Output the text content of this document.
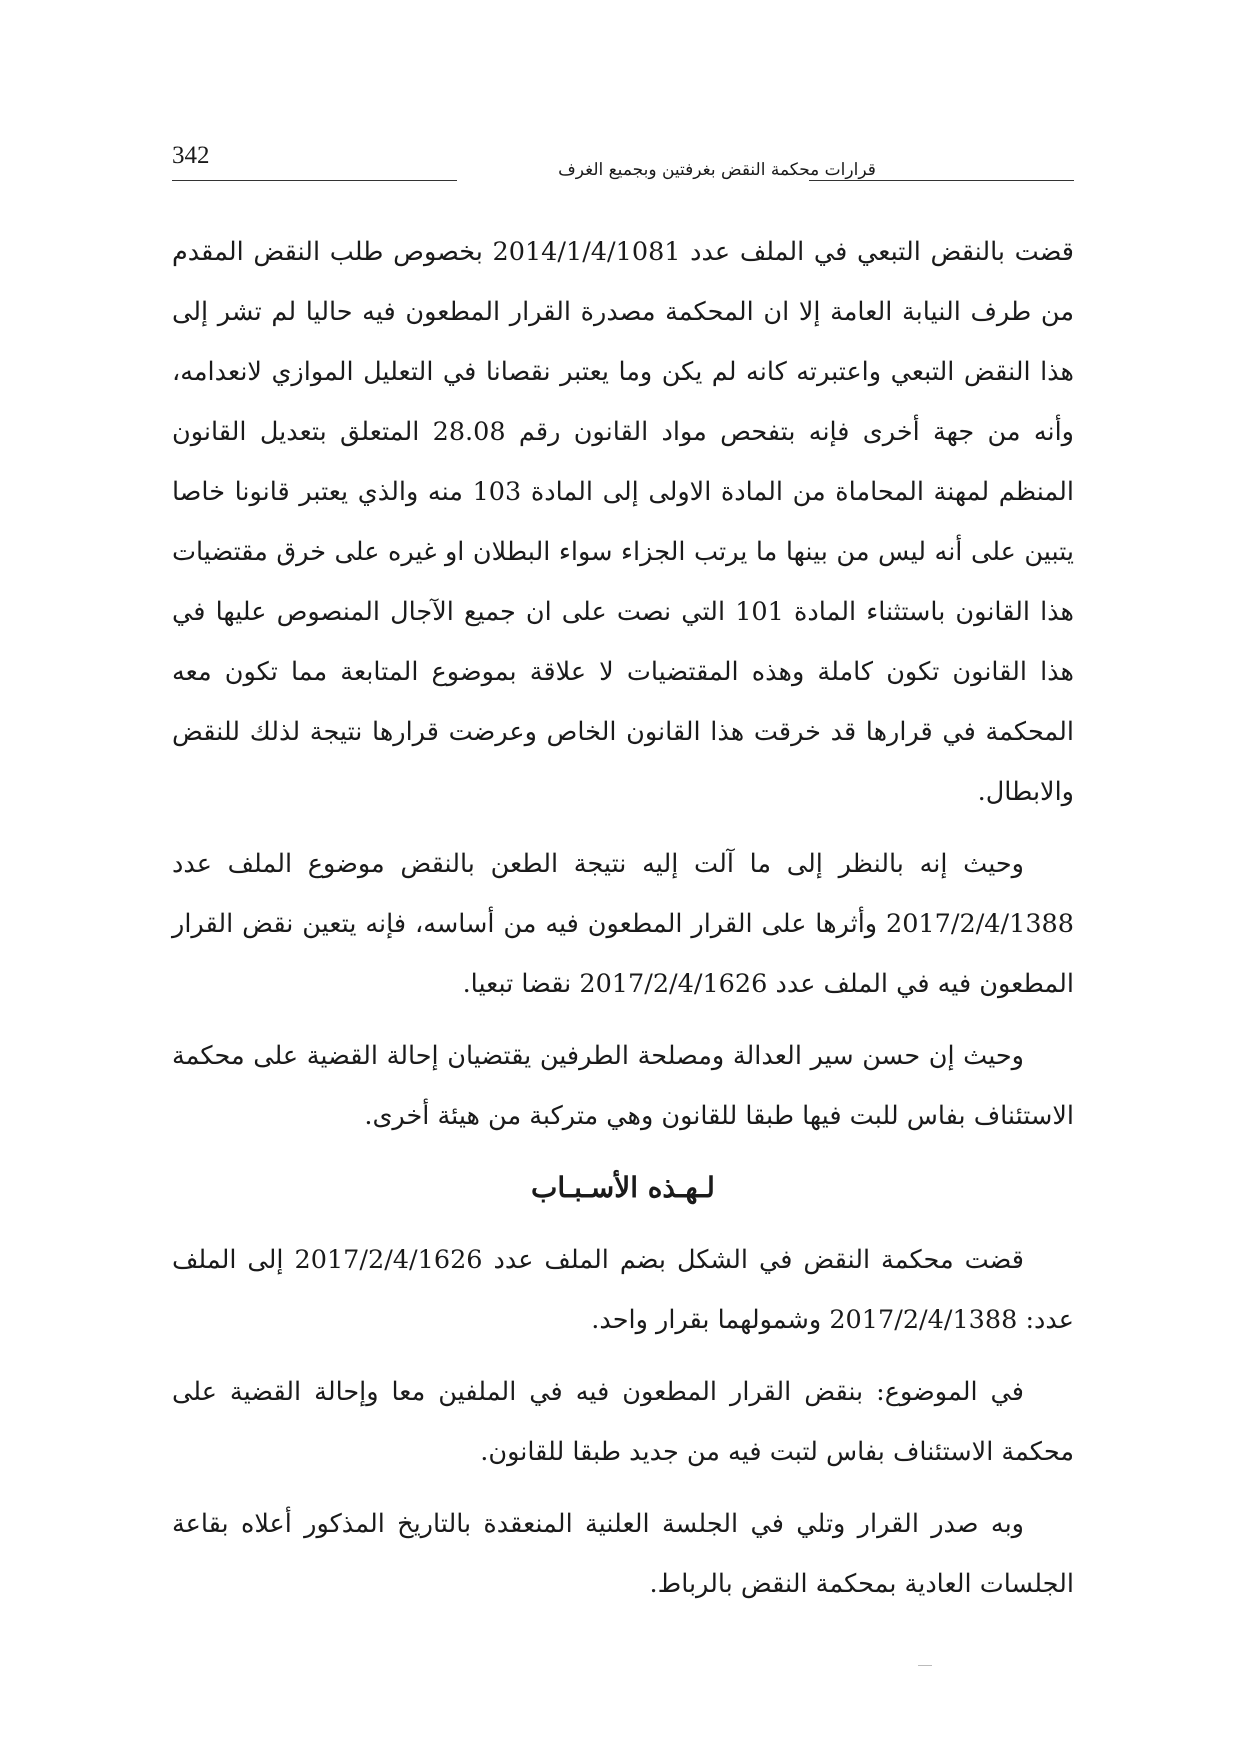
342
قرارات محكمة النقض بغرفتين وبجميع الغرف

قضت بالنقض التبعي في الملف عدد 2014/1/4/1081 بخصوص طلب النقض المقدم من طرف النيابة العامة إلا ان المحكمة مصدرة القرار المطعون فيه حاليا لم تشر إلى هذا النقض التبعي واعتبرته كانه لم يكن وما يعتبر نقصانا في التعليل الموازي لانعدامه، وأنه من جهة أخرى فإنه بتفحص مواد القانون رقم 28.08 المتعلق بتعديل القانون المنظم لمهنة المحاماة من المادة الاولى إلى المادة 103 منه والذي يعتبر قانونا خاصا يتبين على أنه ليس من بينها ما يرتب الجزاء سواء البطلان او غيره على خرق مقتضيات هذا القانون باستثناء المادة 101 التي نصت على ان جميع الآجال المنصوص عليها في هذا القانون تكون كاملة وهذه المقتضيات لا علاقة بموضوع المتابعة مما تكون معه المحكمة في قرارها قد خرقت هذا القانون الخاص وعرضت قرارها نتيجة لذلك للنقض والابطال.

وحيث إنه بالنظر إلى ما آلت إليه نتيجة الطعن بالنقض موضوع الملف عدد 2017/2/4/1388 وأثرها على القرار المطعون فيه من أساسه، فإنه يتعين نقض القرار المطعون فيه في الملف عدد 2017/2/4/1626 نقضا تبعيا.

وحيث إن حسن سير العدالة ومصلحة الطرفين يقتضيان إحالة القضية على محكمة الاستئناف بفاس للبت فيها طبقا للقانون وهي متركبة من هيئة أخرى.

لـهـذه الأسـبـاب

قضت محكمة النقض في الشكل بضم الملف عدد 2017/2/4/1626 إلى الملف عدد: 2017/2/4/1388 وشمولهما بقرار واحد.

في الموضوع: بنقض القرار المطعون فيه في الملفين معا وإحالة القضية على محكمة الاستئناف بفاس لتبت فيه من جديد طبقا للقانون.

وبه صدر القرار وتلي في الجلسة العلنية المنعقدة بالتاريخ المذكور أعلاه بقاعة الجلسات العادية بمحكمة النقض بالرباط.
